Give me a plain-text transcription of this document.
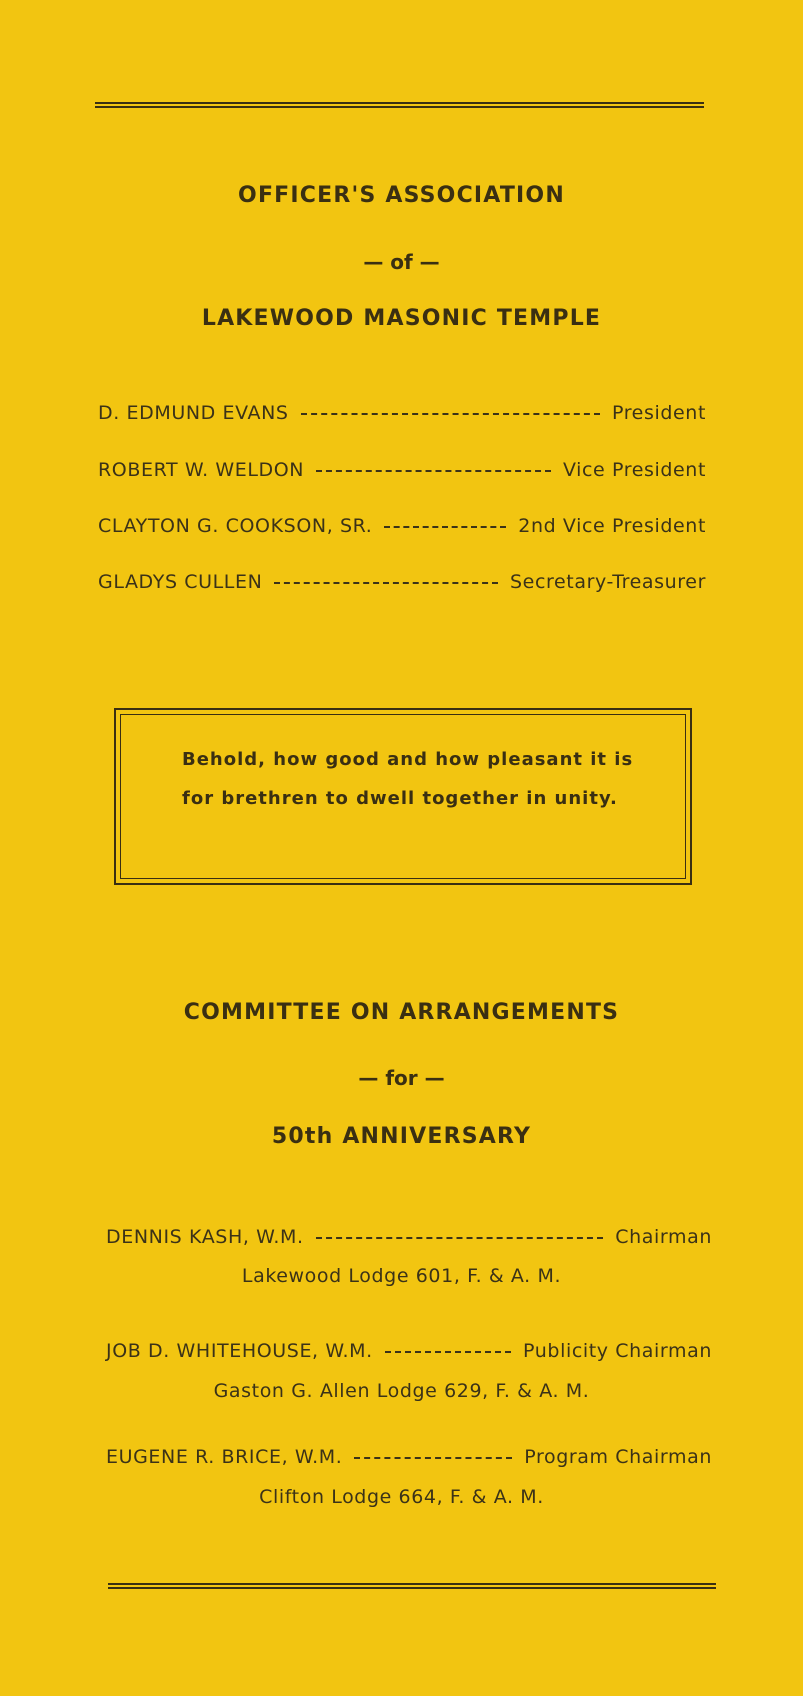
OFFICER'S ASSOCIATION
— of —
LAKEWOOD MASONIC TEMPLE
D. EDMUND EVANS	President
ROBERT W. WELDON	Vice President
CLAYTON G. COOKSON, SR.	2nd Vice President
GLADYS CULLEN	Secretary-Treasurer
Behold, how good and how pleasant it is for brethren to dwell together in unity.
COMMITTEE ON ARRANGEMENTS
— for —
50th ANNIVERSARY
DENNIS KASH, W.M.	Chairman
Lakewood Lodge 601, F. & A. M.
JOB D. WHITEHOUSE, W.M.	Publicity Chairman
Gaston G. Allen Lodge 629, F. & A. M.
EUGENE R. BRICE, W.M.	Program Chairman
Clifton Lodge 664, F. & A. M.
